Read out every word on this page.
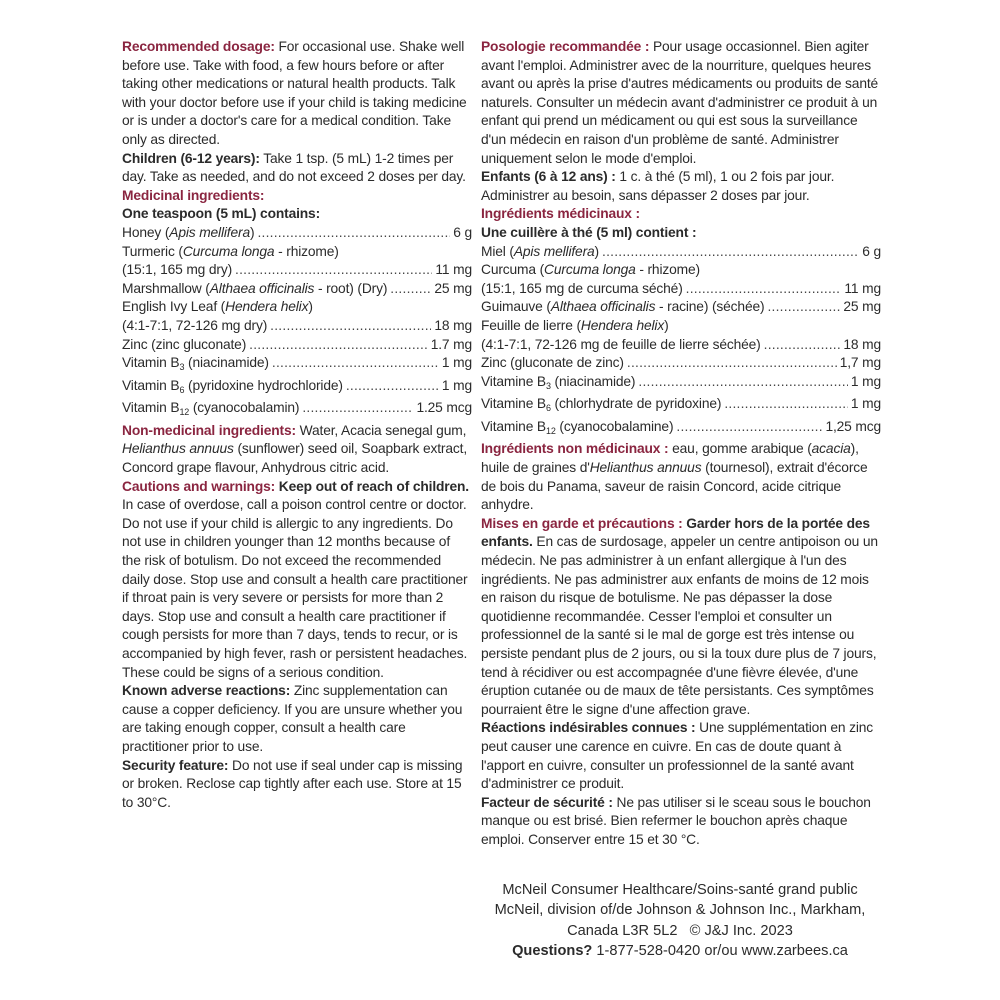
Recommended dosage: For occasional use. Shake well before use. Take with food, a few hours before or after taking other medications or natural health products. Talk with your doctor before use if your child is taking medicine or is under a doctor's care for a medical condition. Take only as directed.

Children (6-12 years): Take 1 tsp. (5 mL) 1-2 times per day. Take as needed, and do not exceed 2 doses per day.

Medicinal ingredients:

One teaspoon (5 mL) contains:

Honey (Apis mellifera) . . .	6 g

Turmeric (Curcuma longa - rhizome)

(15:1, 165 mg dry) . . .	11 mg
Marshmallow (Althaea officinalis - root) (Dry) . . .	25 mg

English Ivy Leaf (Hendera helix)

(4:1-7:1, 72-126 mg dry) . . .	18 mg
Zinc (zinc gluconate) . . .	1.7 mg
Vitamin $B_3$ (niacinamide) . . .	1 mg
Vitamin $B_6$ (pyridoxine hydrochloride) . . .	1 mg
Vitamin $B_{12}$ (cyanocobalamin) . . .	1.25 mcg

Non-medicinal ingredients: Water, Acacia senegal gum, Helianthus annuus (sunflower) seed oil, Soapbark extract, Concord grape flavour, Anhydrous citric acid.

Cautions and warnings: Keep out of reach of children. In case of overdose, call a poison control centre or doctor. Do not use if your child is allergic to any ingredients. Do not use in children younger than 12 months because of the risk of botulism. Do not exceed the recommended daily dose. Stop use and consult a health care practitioner if throat pain is very severe or persists for more than 2 days. Stop use and consult a health care practitioner if cough persists for more than 7 days, tends to recur, or is accompanied by high fever, rash or persistent headaches. These could be signs of a serious condition.

Known adverse reactions: Zinc supplementation can cause a copper deficiency. If you are unsure whether you are taking enough copper, consult a health care practitioner prior to use.

Security feature: Do not use if seal under cap is missing or broken. Reclose cap tightly after each use. Store at 15 to 30°C.

Posologie recommandée : Pour usage occasionnel. Bien agiter avant l'emploi. Administrer avec de la nourriture, quelques heures avant ou après la prise d'autres médicaments ou produits de santé naturels. Consulter un médecin avant d'administrer ce produit à un enfant qui prend un médicament ou qui est sous la surveillance d'un médecin en raison d'un problème de santé. Administrer uniquement selon le mode d'emploi.

Enfants (6 à 12 ans) : 1 c. à thé (5 ml), 1 ou 2 fois par jour. Administrer au besoin, sans dépasser 2 doses par jour.

Ingrédients médicinaux :

Une cuillère à thé (5 ml) contient :

Miel (Apis mellifera) . . .	6 g

Curcuma (Curcuma longa - rhizome)

(15:1, 165 mg de curcuma séché) . . .	11 mg
Guimauve (Althaea officinalis - racine) (séchée) . . .	25 mg

Feuille de lierre (Hendera helix)

(4:1-7:1, 72-126 mg de feuille de lierre séchée) . . .	18 mg
Zinc (gluconate de zinc) . . .	1,7 mg
Vitamine $B_3$ (niacinamide) . . .	1 mg
Vitamine $B_6$ (chlorhydrate de pyridoxine) . . .	1 mg
Vitamine $B_{12}$ (cyanocobalamine) . . .	1,25 mcg

Ingrédients non médicinaux : eau, gomme arabique (acacia), huile de graines d'Helianthus annuus (tournesol), extrait d'écorce de bois du Panama, saveur de raisin Concord, acide citrique anhydre.

Mises en garde et précautions : Garder hors de la portée des enfants. En cas de surdosage, appeler un centre antipoison ou un médecin. Ne pas administrer à un enfant allergique à l'un des ingrédients. Ne pas administrer aux enfants de moins de 12 mois en raison du risque de botulisme. Ne pas dépasser la dose quotidienne recommandée. Cesser l'emploi et consulter un professionnel de la santé si le mal de gorge est très intense ou persiste pendant plus de 2 jours, ou si la toux dure plus de 7 jours, tend à récidiver ou est accompagnée d'une fièvre élevée, d'une éruption cutanée ou de maux de tête persistants. Ces symptômes pourraient être le signe d'une affection grave.

Réactions indésirables connues : Une supplémentation en zinc peut causer une carence en cuivre. En cas de doute quant à l'apport en cuivre, consulter un professionnel de la santé avant d'administrer ce produit.

Facteur de sécurité : Ne pas utiliser si le sceau sous le bouchon manque ou est brisé. Bien refermer le bouchon après chaque emploi. Conserver entre 15 et 30 °C.

McNeil Consumer Healthcare/Soins-santé grand public McNeil, division of/de Johnson & Johnson Inc., Markham, Canada L3R 5L2 © J&J Inc. 2023

Questions? 1-877-528-0420 or/ou www.zarbees.ca
